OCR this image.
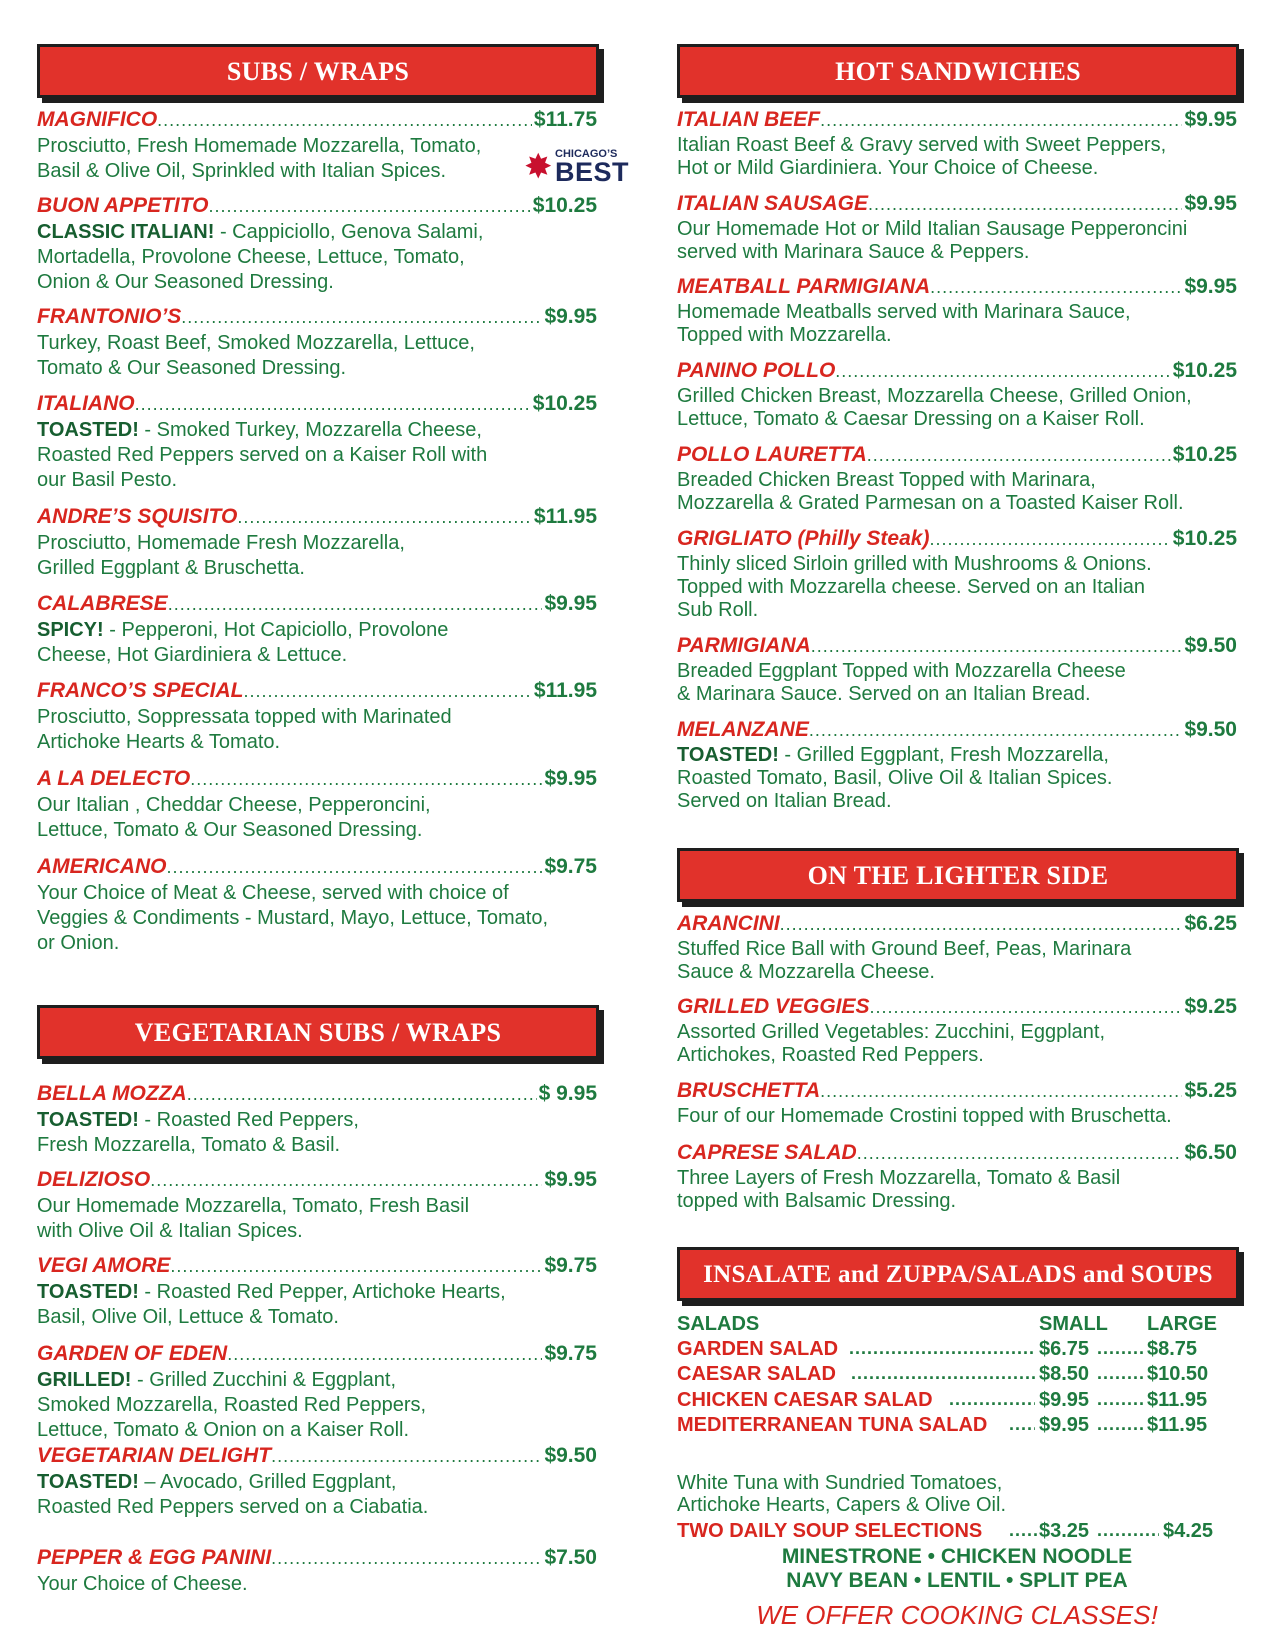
SUBS / WRAPS
MAGNIFICO .....	$11.75
Prosciutto, Fresh Homemade Mozzarella, Tomato,
Basil & Olive Oil, Sprinkled with Italian Spices.
BUON APPETITO .....	$10.25
CLASSIC ITALIAN! - Cappiciollo, Genova Salami,
Mortadella, Provolone Cheese, Lettuce, Tomato,
Onion & Our Seasoned Dressing.
FRANTONIO’S .....	$9.95
Turkey, Roast Beef, Smoked Mozzarella, Lettuce,
Tomato & Our Seasoned Dressing.
ITALIANO .....	$10.25
TOASTED! - Smoked Turkey, Mozzarella Cheese,
Roasted Red Peppers served on a Kaiser Roll with
our Basil Pesto.
ANDRE’S SQUISITO .....	$11.95
Prosciutto, Homemade Fresh Mozzarella,
Grilled Eggplant & Bruschetta.
CALABRESE .....	$9.95
SPICY! - Pepperoni, Hot Capiciollo, Provolone
Cheese, Hot Giardiniera & Lettuce.
FRANCO’S SPECIAL .....	$11.95
Prosciutto, Soppressata topped with Marinated
Artichoke Hearts & Tomato.
A LA DELECTO .....	$9.95
Our Italian , Cheddar Cheese, Pepperoncini,
Lettuce, Tomato & Our Seasoned Dressing.
AMERICANO .....	$9.75
Your Choice of Meat & Cheese, served with choice of
Veggies & Condiments - Mustard, Mayo, Lettuce, Tomato,
or Onion.
VEGETARIAN SUBS / WRAPS
BELLA MOZZA .....	$ 9.95
TOASTED! - Roasted Red Peppers,
Fresh Mozzarella, Tomato & Basil.
DELIZIOSO .....	$9.95
Our Homemade Mozzarella, Tomato, Fresh Basil
with Olive Oil & Italian Spices.
VEGI AMORE .....	$9.75
TOASTED! - Roasted Red Pepper, Artichoke Hearts,
Basil, Olive Oil, Lettuce & Tomato.
GARDEN OF EDEN .....	$9.75
GRILLED! - Grilled Zucchini & Eggplant,
Smoked Mozzarella, Roasted Red Peppers,
Lettuce, Tomato & Onion on a Kaiser Roll.
VEGETARIAN DELIGHT .....	$9.50
TOASTED! – Avocado, Grilled Eggplant,
Roasted Red Peppers served on a Ciabatia.
PEPPER & EGG PANINI .....	$7.50
Your Choice of Cheese.
✸ CHICAGO’S
BEST
HOT SANDWICHES
ITALIAN BEEF .....	$9.95
Italian Roast Beef & Gravy served with Sweet Peppers,
Hot or Mild Giardiniera. Your Choice of Cheese.
ITALIAN SAUSAGE .....	$9.95
Our Homemade Hot or Mild Italian Sausage Pepperoncini
served with Marinara Sauce & Peppers.
MEATBALL PARMIGIANA .....	$9.95
Homemade Meatballs served with Marinara Sauce,
Topped with Mozzarella.
PANINO POLLO .....	$10.25
Grilled Chicken Breast, Mozzarella Cheese, Grilled Onion,
Lettuce, Tomato & Caesar Dressing on a Kaiser Roll.
POLLO LAURETTA .....	$10.25
Breaded Chicken Breast Topped with Marinara,
Mozzarella & Grated Parmesan on a Toasted Kaiser Roll.
GRIGLIATO (Philly Steak) .....	$10.25
Thinly sliced Sirloin grilled with Mushrooms & Onions.
Topped with Mozzarella cheese. Served on an Italian
Sub Roll.
PARMIGIANA .....	$9.50
Breaded Eggplant Topped with Mozzarella Cheese
& Marinara Sauce. Served on an Italian Bread.
MELANZANE .....	$9.50
TOASTED! - Grilled Eggplant, Fresh Mozzarella,
Roasted Tomato, Basil, Olive Oil & Italian Spices.
Served on Italian Bread.
ON THE LIGHTER SIDE
ARANCINI .....	$6.25
Stuffed Rice Ball with Ground Beef, Peas, Marinara
Sauce & Mozzarella Cheese.
GRILLED VEGGIES .....	$9.25
Assorted Grilled Vegetables: Zucchini, Eggplant,
Artichokes, Roasted Red Peppers.
BRUSCHETTA .....	$5.25
Four of our Homemade Crostini topped with Bruschetta.
CAPRESE SALAD .....	$6.50
Three Layers of Fresh Mozzarella, Tomato & Basil
topped with Balsamic Dressing.
INSALATE and ZUPPA/SALADS and SOUPS
SALADS	SMALL LARGE
GARDEN SALAD	$6.75	$8.75
.....
.....
CAESAR SALAD	$8.50	$10.50
.....
.....
CHICKEN CAESAR SALAD	$9.95	$11.95
.....
.....
MEDITERRANEAN TUNA SALAD	$9.95	$11.95
.....
.....
White Tuna with Sundried Tomatoes,
Artichoke Hearts, Capers & Olive Oil.
TWO DAILY SOUP SELECTIONS .....	$3.25 .....	$4.25
MINESTRONE • CHICKEN NOODLE
NAVY BEAN • LENTIL • SPLIT PEA
WE OFFER COOKING CLASSES!
